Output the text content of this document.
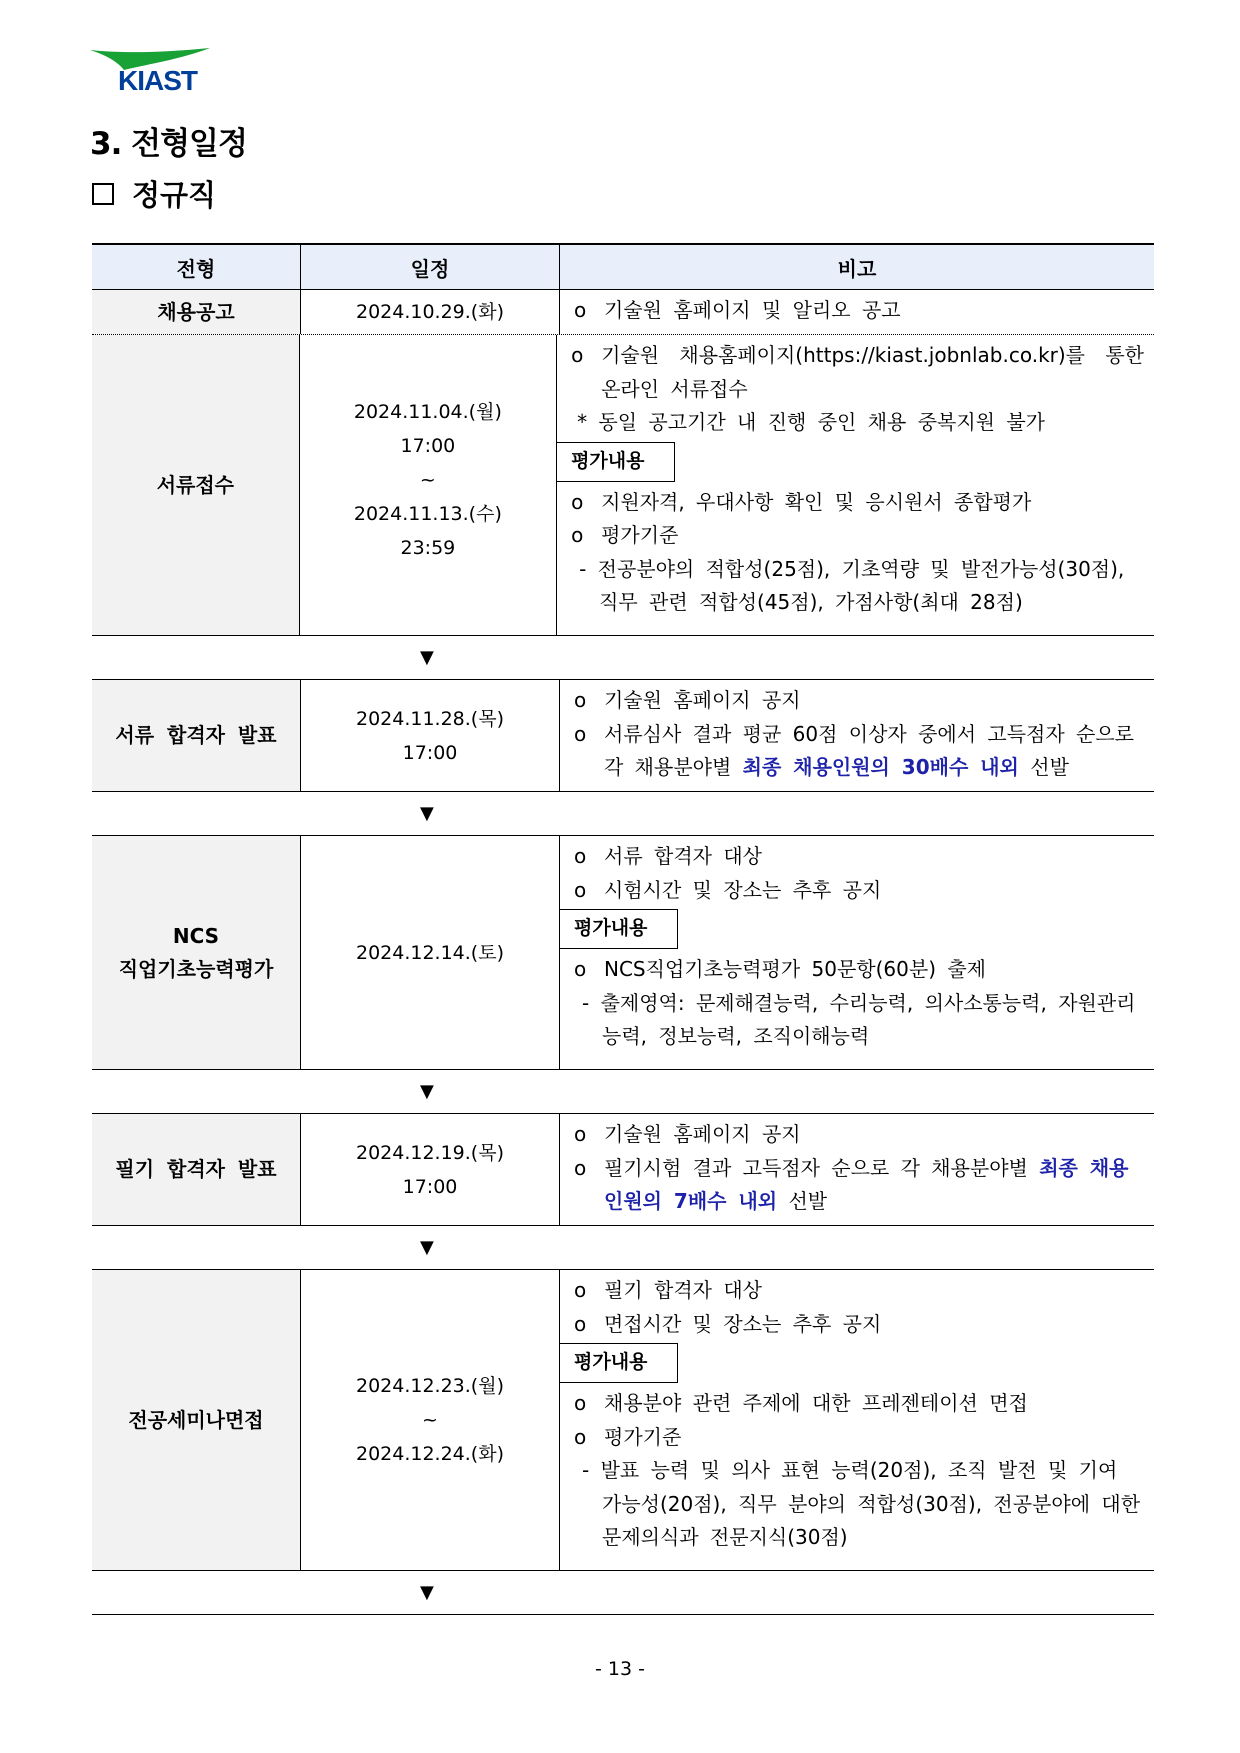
KIAST
3. 전형일정
정규직
전형	일정	비고
채용공고	2024.10.29.(화)
o	기술원 홈페이지 및 알리오 공고
서류접수
2024.11.04.(월)
17:00
~
2024.11.13.(수)
23:59
o 기술원 채용홈페이지(https://kiast.jobnlab.co.kr)를 통한
온라인 서류접수
* 동일 공고기간 내 진행 중인 채용 중복지원 불가
평가내용
o 지원자격, 우대사항 확인 및 응시원서 종합평가
o 평가기준
- 전공분야의 적합성(25점), 기초역량 및 발전가능성(30점),
직무 관련 적합성(45점), 가점사항(최대 28점)
▼
서류 합격자 발표
2024.11.28.(목)
17:00
o 기술원 홈페이지 공지
o 서류심사 결과 평균 60점 이상자 중에서 고득점자 순으로
각 채용분야별 최종 채용인원의 30배수 내외 선발
▼
NCS
직업기초능력평가
2024.12.14.(토)
o 서류 합격자 대상
o 시험시간 및 장소는 추후 공지
평가내용
o NCS직업기초능력평가 50문항(60분) 출제
- 출제영역: 문제해결능력, 수리능력, 의사소통능력, 자원관리
능력, 정보능력, 조직이해능력
▼
필기 합격자 발표
2024.12.19.(목)
17:00
o 기술원 홈페이지 공지
o 필기시험 결과 고득점자 순으로 각 채용분야별 최종 채용
인원의 7배수 내외 선발
▼
전공세미나면접
2024.12.23.(월)
~
2024.12.24.(화)
o 필기 합격자 대상
o 면접시간 및 장소는 추후 공지
평가내용
o 채용분야 관련 주제에 대한 프레젠테이션 면접
o 평가기준
- 발표 능력 및 의사 표현 능력(20점), 조직 발전 및 기여
가능성(20점), 직무 분야의 적합성(30점), 전공분야에 대한
문제의식과 전문지식(30점)
▼
- 13 -
